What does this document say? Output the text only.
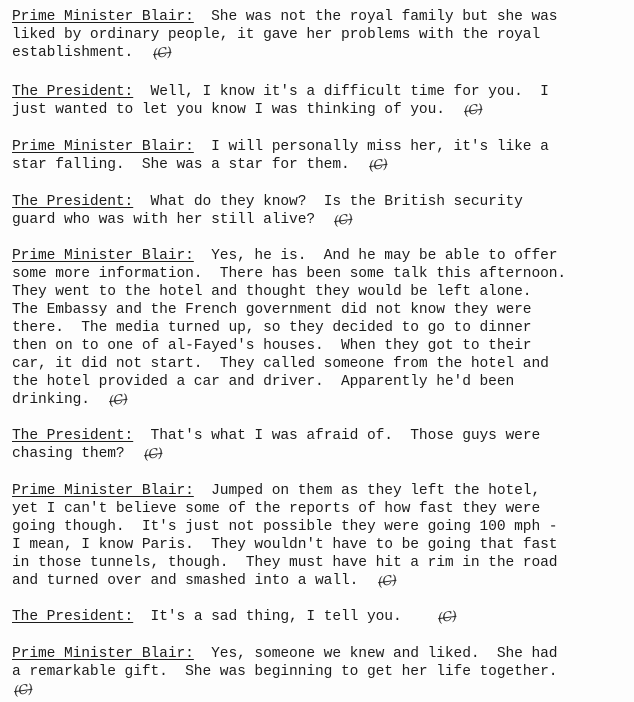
Prime Minister Blair:  She was not the royal family but she was
liked by ordinary people, it gave her problems with the royal
establishment. (C)

The President:  Well, I know it's a difficult time for you.  I
just wanted to let you know I was thinking of you. (C)

Prime Minister Blair:  I will personally miss her, it's like a
star falling.  She was a star for them. (C)

The President:  What do they know?  Is the British security
guard who was with her still alive? (C)

Prime Minister Blair:  Yes, he is.  And he may be able to offer
some more information.  There has been some talk this afternoon.
They went to the hotel and thought they would be left alone.
The Embassy and the French government did not know they were
there.  The media turned up, so they decided to go to dinner
then on to one of al-Fayed's houses.  When they got to their
car, it did not start.  They called someone from the hotel and
the hotel provided a car and driver.  Apparently he'd been
drinking. (C)

The President:  That's what I was afraid of.  Those guys were
chasing them? (C)

Prime Minister Blair:  Jumped on them as they left the hotel,
yet I can't believe some of the reports of how fast they were
going though.  It's just not possible they were going 100 mph -
I mean, I know Paris.  They wouldn't have to be going that fast
in those tunnels, though.  They must have hit a rim in the road
and turned over and smashed into a wall. (C)

The President:  It's a sad thing, I tell you.	(C)

Prime Minister Blair:  Yes, someone we knew and liked.  She had
a remarkable gift.  She was beginning to get her life together.
(C)
